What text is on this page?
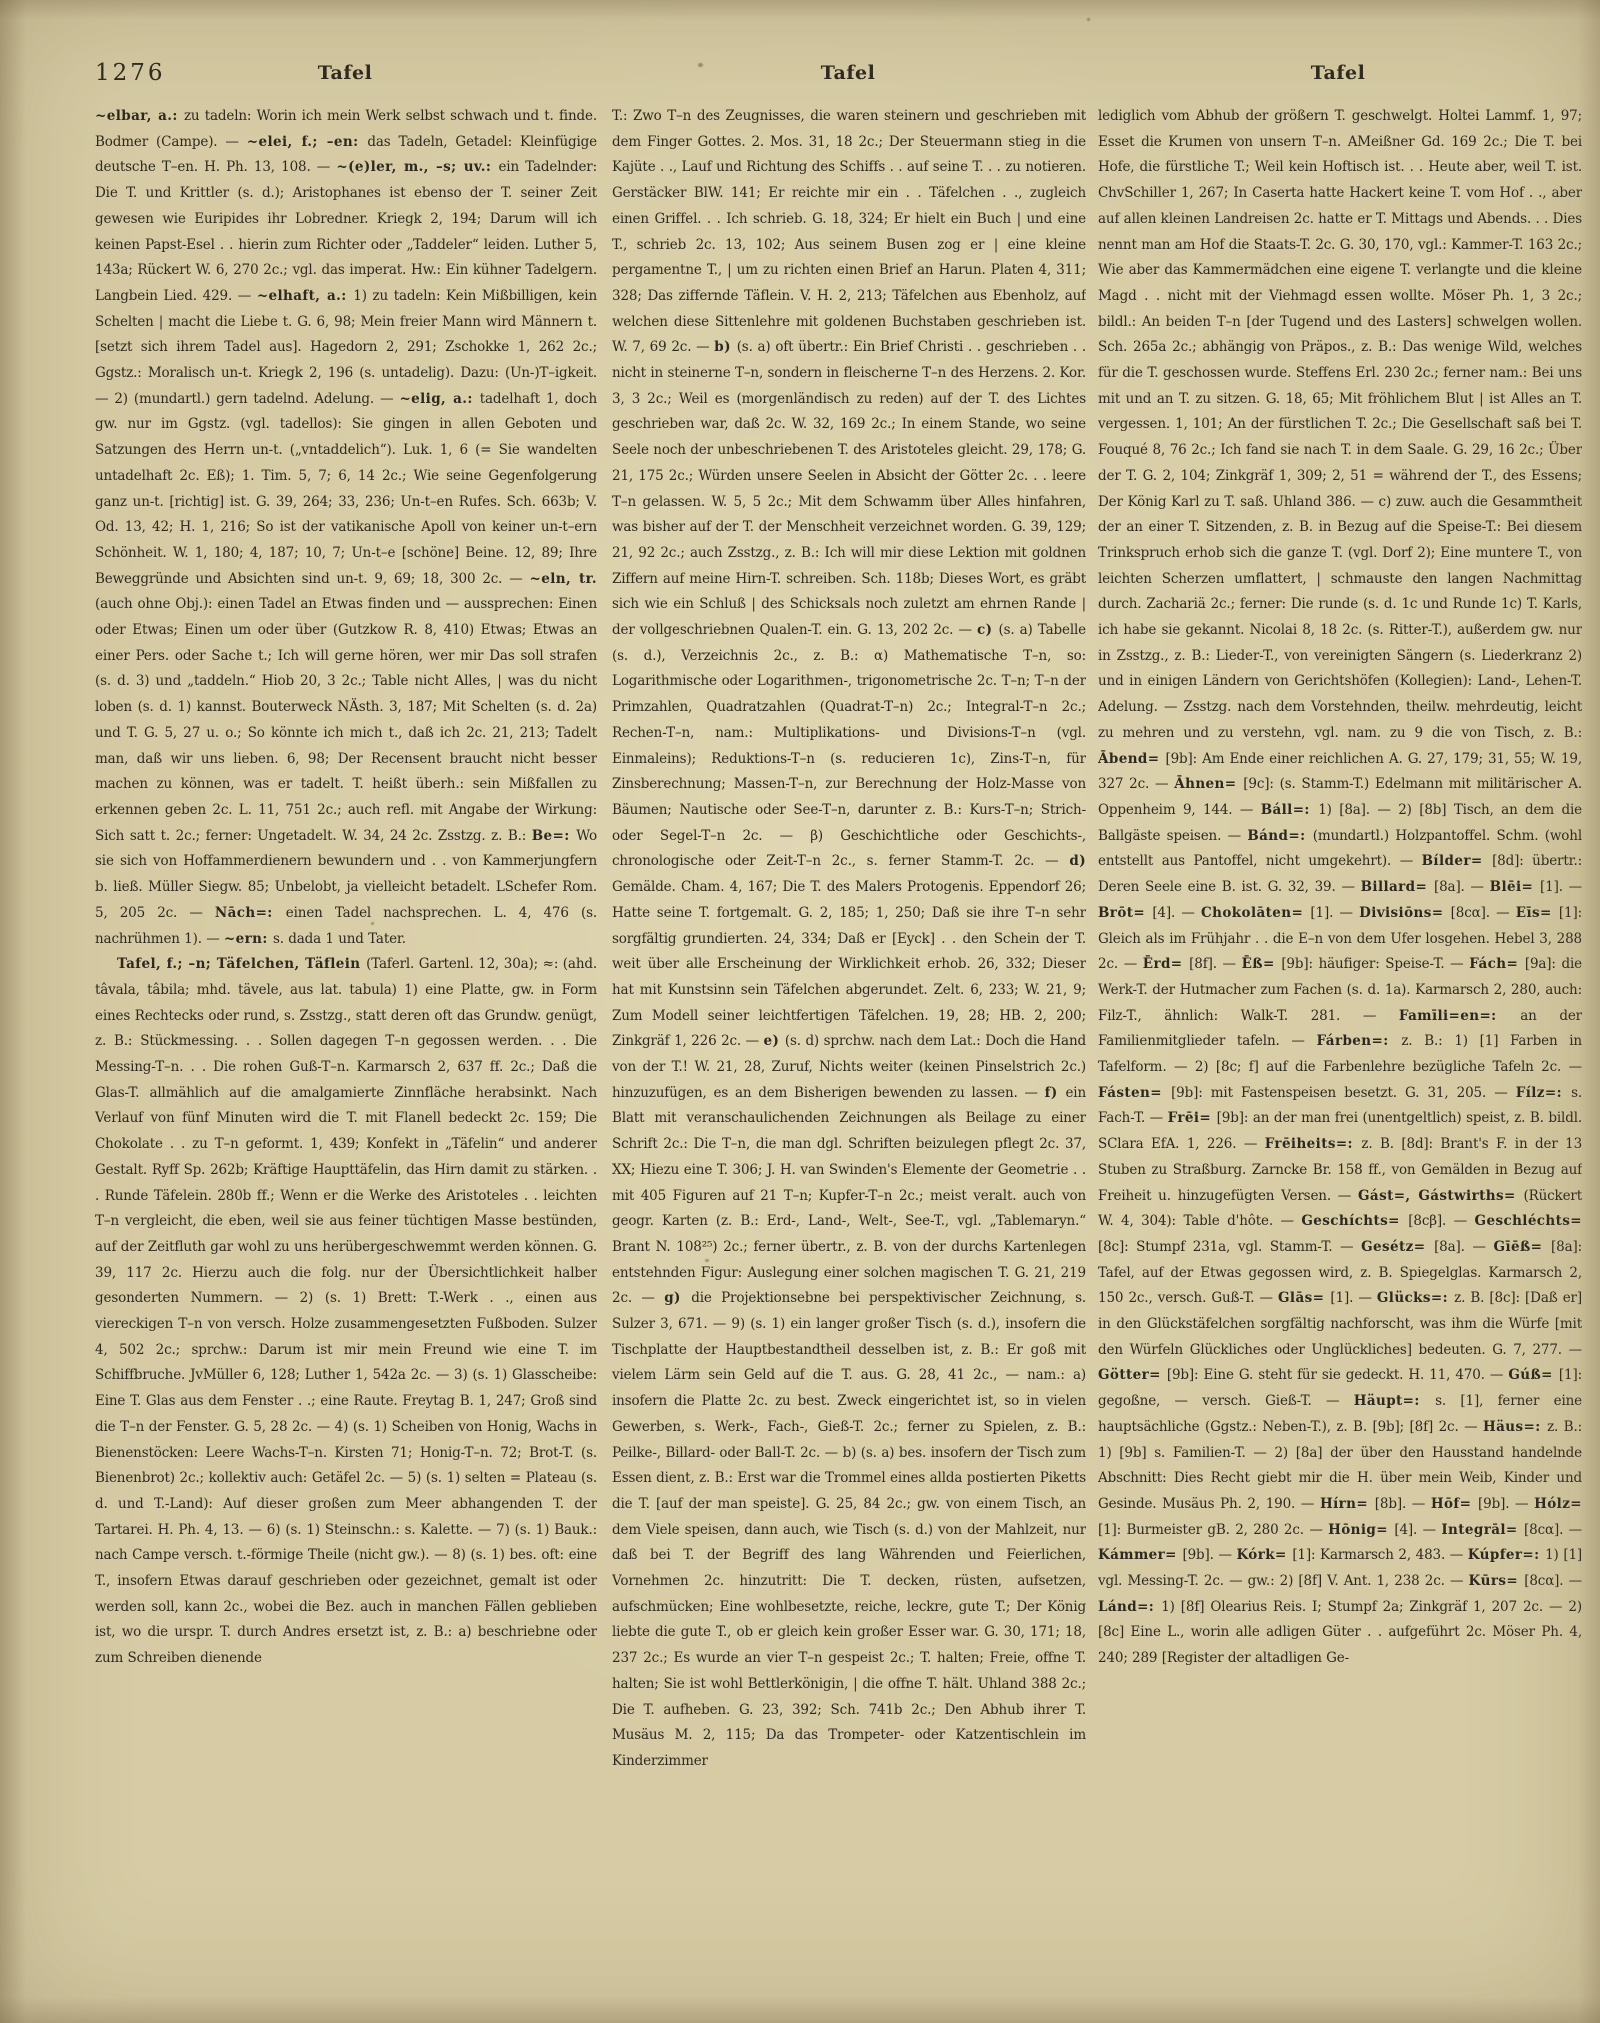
1276	Tafel	Tafel	Tafel
~elbar, a.: zu tadeln: Worin ich mein Werk selbst schwach und t. finde. Bodmer (Campe). — ~elei, f.; –en: das Tadeln, Getadel: Kleinfügige deutsche T–en. H. Ph. 13, 108. — ~(e)ler, m., –s; uv.: ein Tadelnder: Die T. und Krittler (s. d.); Aristophanes ist ebenso der T. seiner Zeit gewesen wie Euripides ihr Lobredner. Kriegk 2, 194; Darum will ich keinen Papst-Esel . . hierin zum Richter oder „Taddeler“ leiden. Luther 5, 143a; Rückert W. 6, 270 2c.; vgl. das imperat. Hw.: Ein kühner Tadelgern. Langbein Lied. 429. — ~elhaft, a.: 1) zu tadeln: Kein Mißbilligen, kein Schelten | macht die Liebe t. G. 6, 98; Mein freier Mann wird Männern t. [setzt sich ihrem Tadel aus]. Hagedorn 2, 291; Zschokke 1, 262 2c.; Ggstz.: Moralisch un-t. Kriegk 2, 196 (s. untadelig). Dazu: (Un-)T–igkeit. — 2) (mundartl.) gern tadelnd. Adelung. — ~elig, a.: tadelhaft 1, doch gw. nur im Ggstz. (vgl. tadellos): Sie gingen in allen Geboten und Satzungen des Herrn un-t. („vntaddelich“). Luk. 1, 6 (= Sie wandelten untadelhaft 2c. Eß); 1. Tim. 5, 7; 6, 14 2c.; Wie seine Gegenfolgerung ganz un-t. [richtig] ist. G. 39, 264; 33, 236; Un-t–en Rufes. Sch. 663b; V. Od. 13, 42; H. 1, 216; So ist der vatikanische Apoll von keiner un-t–ern Schönheit. W. 1, 180; 4, 187; 10, 7; Un-t–e [schöne] Beine. 12, 89; Ihre Beweggründe und Absichten sind un-t. 9, 69; 18, 300 2c. — ~eln, tr. (auch ohne Obj.): einen Tadel an Etwas finden und — aussprechen: Einen oder Etwas; Einen um oder über (Gutzkow R. 8, 410) Etwas; Etwas an einer Pers. oder Sache t.; Ich will gerne hören, wer mir Das soll strafen (s. d. 3) und „taddeln.“ Hiob 20, 3 2c.; Table nicht Alles, | was du nicht loben (s. d. 1) kannst. Bouterweck NÄsth. 3, 187; Mit Schelten (s. d. 2a) und T. G. 5, 27 u. o.; So könnte ich mich t., daß ich 2c. 21, 213; Tadelt man, daß wir uns lieben. 6, 98; Der Recensent braucht nicht besser machen zu können, was er tadelt. T. heißt überh.: sein Mißfallen zu erkennen geben 2c. L. 11, 751 2c.; auch refl. mit Angabe der Wirkung: Sich satt t. 2c.; ferner: Ungetadelt. W. 34, 24 2c. Zsstzg. z. B.: Be=: Wo sie sich von Hoffammerdienern bewundern und . . von Kammerjungfern b. ließ. Müller Siegw. 85; Unbelobt, ja vielleicht betadelt. LSchefer Rom. 5, 205 2c. — Nāch=: einen Tadel nachsprechen. L. 4, 476 (s. nachrühmen 1). — ~ern: s. dada 1 und Tater.
Tafel, f.; –n; Täfelchen, Täflein (Taferl. Gartenl. 12, 30a); ≈: (ahd. tâvala, tâbila; mhd. tävele, aus lat. tabula) 1) eine Platte, gw. in Form eines Rechtecks oder rund, s. Zsstzg., statt deren oft das Grundw. genügt, z. B.: Stückmessing. . . Sollen dagegen T–n gegossen werden. . . Die Messing-T–n. . . Die rohen Guß-T–n. Karmarsch 2, 637 ff. 2c.; Daß die Glas-T. allmählich auf die amalgamierte Zinnfläche herabsinkt. Nach Verlauf von fünf Minuten wird die T. mit Flanell bedeckt 2c. 159; Die Chokolate . . zu T–n geformt. 1, 439; Konfekt in „Täfelin“ und anderer Gestalt. Ryff Sp. 262b; Kräftige Haupttäfelin, das Hirn damit zu stärken. . . Runde Täfelein. 280b ff.; Wenn er die Werke des Aristoteles . . leichten T–n vergleicht, die eben, weil sie aus feiner tüchtigen Masse bestünden, auf der Zeitfluth gar wohl zu uns herübergeschwemmt werden können. G. 39, 117 2c. Hierzu auch die folg. nur der Übersichtlichkeit halber gesonderten Nummern. — 2) (s. 1) Brett: T.-Werk . ., einen aus viereckigen T–n von versch. Holze zusammengesetzten Fußboden. Sulzer 4, 502 2c.; sprchw.: Darum ist mir mein Freund wie eine T. im Schiffbruche. JvMüller 6, 128; Luther 1, 542a 2c. — 3) (s. 1) Glasscheibe: Eine T. Glas aus dem Fenster . .; eine Raute. Freytag B. 1, 247; Groß sind die T–n der Fenster. G. 5, 28 2c. — 4) (s. 1) Scheiben von Honig, Wachs in Bienenstöcken: Leere Wachs-T–n. Kirsten 71; Honig-T–n. 72; Brot-T. (s. Bienenbrot) 2c.; kollektiv auch: Getäfel 2c. — 5) (s. 1) selten = Plateau (s. d. und T.-Land): Auf dieser großen zum Meer abhangenden T. der Tartarei. H. Ph. 4, 13. — 6) (s. 1) Steinschn.: s. Kalette. — 7) (s. 1) Bauk.: nach Campe versch. t.-förmige Theile (nicht gw.). — 8) (s. 1) bes. oft: eine T., insofern Etwas darauf geschrieben oder gezeichnet, gemalt ist oder werden soll, kann 2c., wobei die Bez. auch in manchen Fällen geblieben ist, wo die urspr. T. durch Andres ersetzt ist, z. B.: a) beschriebne oder zum Schreiben dienende
T.: Zwo T–n des Zeugnisses, die waren steinern und geschrieben mit dem Finger Gottes. 2. Mos. 31, 18 2c.; Der Steuermann stieg in die Kajüte . ., Lauf und Richtung des Schiffs . . auf seine T. . . zu notieren. Gerstäcker BlW. 141; Er reichte mir ein . . Täfelchen . ., zugleich einen Griffel. . . Ich schrieb. G. 18, 324; Er hielt ein Buch | und eine T., schrieb 2c. 13, 102; Aus seinem Busen zog er | eine kleine pergamentne T., | um zu richten einen Brief an Harun. Platen 4, 311; 328; Das ziffernde Täflein. V. H. 2, 213; Täfelchen aus Ebenholz, auf welchen diese Sittenlehre mit goldenen Buchstaben geschrieben ist. W. 7, 69 2c. — b) (s. a) oft übertr.: Ein Brief Christi . . geschrieben . . nicht in steinerne T–n, sondern in fleischerne T–n des Herzens. 2. Kor. 3, 3 2c.; Weil es (morgenländisch zu reden) auf der T. des Lichtes geschrieben war, daß 2c. W. 32, 169 2c.; In einem Stande, wo seine Seele noch der unbeschriebenen T. des Aristoteles gleicht. 29, 178; G. 21, 175 2c.; Würden unsere Seelen in Absicht der Götter 2c. . . leere T–n gelassen. W. 5, 5 2c.; Mit dem Schwamm über Alles hinfahren, was bisher auf der T. der Menschheit verzeichnet worden. G. 39, 129; 21, 92 2c.; auch Zsstzg., z. B.: Ich will mir diese Lektion mit goldnen Ziffern auf meine Hirn-T. schreiben. Sch. 118b; Dieses Wort, es gräbt sich wie ein Schluß | des Schicksals noch zuletzt am ehrnen Rande | der vollgeschriebnen Qualen-T. ein. G. 13, 202 2c. — c) (s. a) Tabelle (s. d.), Verzeichnis 2c., z. B.: α) Mathematische T–n, so: Logarithmische oder Logarithmen-, trigonometrische 2c. T–n; T–n der Primzahlen, Quadratzahlen (Quadrat-T–n) 2c.; Integral-T–n 2c.; Rechen-T–n, nam.: Multiplikations- und Divisions-T–n (vgl. Einmaleins); Reduktions-T–n (s. reducieren 1c), Zins-T–n, für Zinsberechnung; Massen-T–n, zur Berechnung der Holz-Masse von Bäumen; Nautische oder See-T–n, darunter z. B.: Kurs-T–n; Strich- oder Segel-T–n 2c. — β) Geschichtliche oder Geschichts-, chronologische oder Zeit-T–n 2c., s. ferner Stamm-T. 2c. — d) Gemälde. Cham. 4, 167; Die T. des Malers Protogenis. Eppendorf 26; Hatte seine T. fortgemalt. G. 2, 185; 1, 250; Daß sie ihre T–n sehr sorgfältig grundierten. 24, 334; Daß er [Eyck] . . den Schein der T. weit über alle Erscheinung der Wirklichkeit erhob. 26, 332; Dieser hat mit Kunstsinn sein Täfelchen abgerundet. Zelt. 6, 233; W. 21, 9; Zum Modell seiner leichtfertigen Täfelchen. 19, 28; HB. 2, 200; Zinkgräf 1, 226 2c. — e) (s. d) sprchw. nach dem Lat.: Doch die Hand von der T.! W. 21, 28, Zuruf, Nichts weiter (keinen Pinselstrich 2c.) hinzuzufügen, es an dem Bisherigen bewenden zu lassen. — f) ein Blatt mit veranschaulichenden Zeichnungen als Beilage zu einer Schrift 2c.: Die T–n, die man dgl. Schriften beizulegen pflegt 2c. 37, XX; Hiezu eine T. 306; J. H. van Swinden's Elemente der Geometrie . . mit 405 Figuren auf 21 T–n; Kupfer-T–n 2c.; meist veralt. auch von geogr. Karten (z. B.: Erd-, Land-, Welt-, See-T., vgl. „Tablemaryn.“ Brant N. 108²⁵) 2c.; ferner übertr., z. B. von der durchs Kartenlegen entstehnden Figur: Auslegung einer solchen magischen T. G. 21, 219 2c. — g) die Projektionsebne bei perspektivischer Zeichnung, s. Sulzer 3, 671. — 9) (s. 1) ein langer großer Tisch (s. d.), insofern die Tischplatte der Hauptbestandtheil desselben ist, z. B.: Er goß mit vielem Lärm sein Geld auf die T. aus. G. 28, 41 2c., — nam.: a) insofern die Platte 2c. zu best. Zweck eingerichtet ist, so in vielen Gewerben, s. Werk-, Fach-, Gieß-T. 2c.; ferner zu Spielen, z. B.: Peilke-, Billard- oder Ball-T. 2c. — b) (s. a) bes. insofern der Tisch zum Essen dient, z. B.: Erst war die Trommel eines allda postierten Piketts die T. [auf der man speiste]. G. 25, 84 2c.; gw. von einem Tisch, an dem Viele speisen, dann auch, wie Tisch (s. d.) von der Mahlzeit, nur daß bei T. der Begriff des lang Währenden und Feierlichen, Vornehmen 2c. hinzutritt: Die T. decken, rüsten, aufsetzen, aufschmücken; Eine wohlbesetzte, reiche, leckre, gute T.; Der König liebte die gute T., ob er gleich kein großer Esser war. G. 30, 171; 18, 237 2c.; Es wurde an vier T–n gespeist 2c.; T. halten; Freie, offne T. halten; Sie ist wohl Bettlerkönigin, | die offne T. hält. Uhland 388 2c.; Die T. aufheben. G. 23, 392; Sch. 741b 2c.; Den Abhub ihrer T. Musäus M. 2, 115; Da das Trompeter- oder Katzentischlein im Kinderzimmer
lediglich vom Abhub der größern T. geschwelgt. Holtei Lammf. 1, 97; Esset die Krumen von unsern T–n. AMeißner Gd. 169 2c.; Die T. bei Hofe, die fürstliche T.; Weil kein Hoftisch ist. . . Heute aber, weil T. ist. ChvSchiller 1, 267; In Caserta hatte Hackert keine T. vom Hof . ., aber auf allen kleinen Landreisen 2c. hatte er T. Mittags und Abends. . . Dies nennt man am Hof die Staats-T. 2c. G. 30, 170, vgl.: Kammer-T. 163 2c.; Wie aber das Kammermädchen eine eigene T. verlangte und die kleine Magd . . nicht mit der Viehmagd essen wollte. Möser Ph. 1, 3 2c.; bildl.: An beiden T–n [der Tugend und des Lasters] schwelgen wollen. Sch. 265a 2c.; abhängig von Präpos., z. B.: Das wenige Wild, welches für die T. geschossen wurde. Steffens Erl. 230 2c.; ferner nam.: Bei uns mit und an T. zu sitzen. G. 18, 65; Mit fröhlichem Blut | ist Alles an T. vergessen. 1, 101; An der fürstlichen T. 2c.; Die Gesellschaft saß bei T. Fouqué 8, 76 2c.; Ich fand sie nach T. in dem Saale. G. 29, 16 2c.; Über der T. G. 2, 104; Zinkgräf 1, 309; 2, 51 = während der T., des Essens; Der König Karl zu T. saß. Uhland 386. — c) zuw. auch die Gesammtheit der an einer T. Sitzenden, z. B. in Bezug auf die Speise-T.: Bei diesem Trinkspruch erhob sich die ganze T. (vgl. Dorf 2); Eine muntere T., von leichten Scherzen umflattert, | schmauste den langen Nachmittag durch. Zachariä 2c.; ferner: Die runde (s. d. 1c und Runde 1c) T. Karls, ich habe sie gekannt. Nicolai 8, 18 2c. (s. Ritter-T.), außerdem gw. nur in Zsstzg., z. B.: Lieder-T., von vereinigten Sängern (s. Liederkranz 2) und in einigen Ländern von Gerichtshöfen (Kollegien): Land-, Lehen-T. Adelung. — Zsstzg. nach dem Vorstehnden, theilw. mehrdeutig, leicht zu mehren und zu verstehn, vgl. nam. zu 9 die von Tisch, z. B.: Ābend= [9b]: Am Ende einer reichlichen A. G. 27, 179; 31, 55; W. 19, 327 2c. — Āhnen= [9c]: (s. Stamm-T.) Edelmann mit militärischer A. Oppenheim 9, 144. — Báll=: 1) [8a]. — 2) [8b] Tisch, an dem die Ballgäste speisen. — Bánd=: (mundartl.) Holzpantoffel. Schm. (wohl entstellt aus Pantoffel, nicht umgekehrt). — Bílder= [8d]: übertr.: Deren Seele eine B. ist. G. 32, 39. — Billard= [8a]. — Blēi= [1]. — Brōt= [4]. — Chokolāten= [1]. — Divisiōns= [8cα]. — Eīs= [1]: Gleich als im Frühjahr . . die E–n von dem Ufer losgehen. Hebel 3, 288 2c. — Ērd= [8f]. — Ēß= [9b]: häufiger: Speise-T. — Fách= [9a]: die Werk-T. der Hutmacher zum Fachen (s. d. 1a). Karmarsch 2, 280, auch: Filz-T., ähnlich: Walk-T. 281. — Famīli=en=: an der Familienmitglieder tafeln. — Fárben=: z. B.: 1) [1] Farben in Tafelform. — 2) [8c; f] auf die Farbenlehre bezügliche Tafeln 2c. — Fásten= [9b]: mit Fastenspeisen besetzt. G. 31, 205. — Fílz=: s. Fach-T. — Frēi= [9b]: an der man frei (unentgeltlich) speist, z. B. bildl. SClara EfA. 1, 226. — Frēiheits=: z. B. [8d]: Brant's F. in der 13 Stuben zu Straßburg. Zarncke Br. 158 ff., von Gemälden in Bezug auf Freiheit u. hinzugefügten Versen. — Gást=, Gástwirths= (Rückert W. 4, 304): Table d'hôte. — Geschíchts= [8cβ]. — Geschléchts= [8c]: Stumpf 231a, vgl. Stamm-T. — Gesétz= [8a]. — Gīēß= [8a]: Tafel, auf der Etwas gegossen wird, z. B. Spiegelglas. Karmarsch 2, 150 2c., versch. Guß-T. — Glās= [1]. — Glücks=: z. B. [8c]: [Daß er] in den Glückstäfelchen sorgfältig nachforscht, was ihm die Würfe [mit den Würfeln Glückliches oder Unglückliches] bedeuten. G. 7, 277. — Götter= [9b]: Eine G. steht für sie gedeckt. H. 11, 470. — Gúß= [1]: gegoßne, — versch. Gieß-T. — Häupt=: s. [1], ferner eine hauptsächliche (Ggstz.: Neben-T.), z. B. [9b]; [8f] 2c. — Häus=: z. B.: 1) [9b] s. Familien-T. — 2) [8a] der über den Hausstand handelnde Abschnitt: Dies Recht giebt mir die H. über mein Weib, Kinder und Gesinde. Musäus Ph. 2, 190. — Hírn= [8b]. — Hōf= [9b]. — Hólz= [1]: Burmeister gB. 2, 280 2c. — Hōnig= [4]. — Integrāl= [8cα]. — Kámmer= [9b]. — Kórk= [1]: Karmarsch 2, 483. — Kúpfer=: 1) [1] vgl. Messing-T. 2c. — gw.: 2) [8f] V. Ant. 1, 238 2c. — Kūrs= [8cα]. — Lánd=: 1) [8f] Olearius Reis. I; Stumpf 2a; Zinkgräf 1, 207 2c. — 2) [8c] Eine L., worin alle adligen Güter . . aufgeführt 2c. Möser Ph. 4, 240; 289 [Register der altadligen Ge-
